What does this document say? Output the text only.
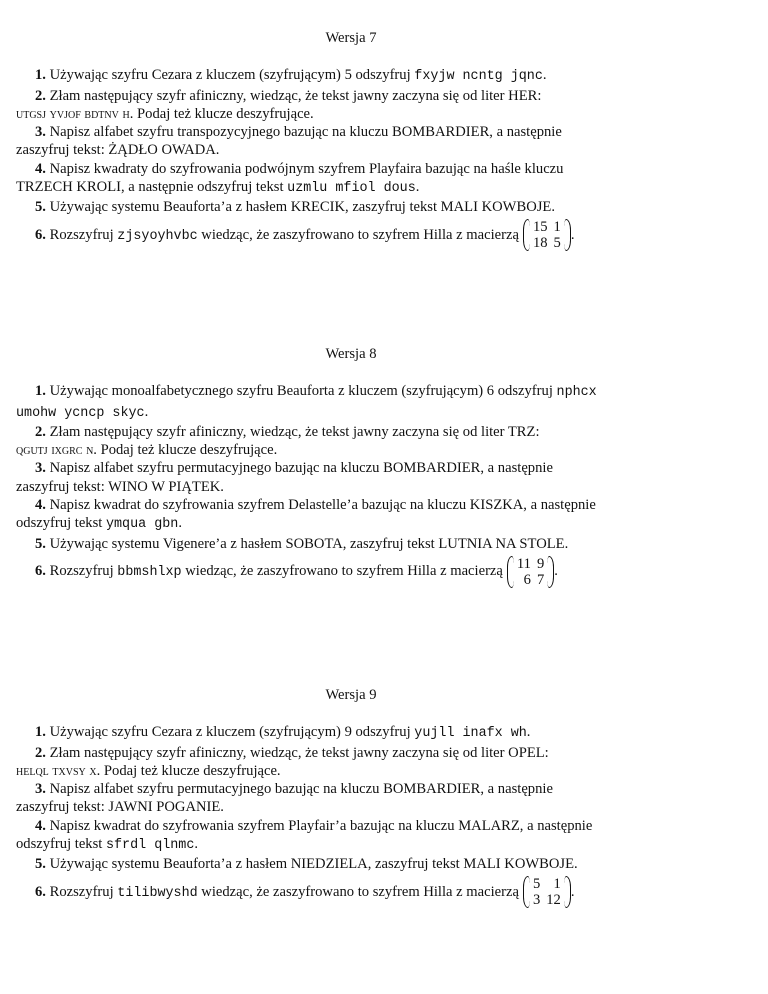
Wersja 7
1. Używając szyfru Cezara z kluczem (szyfrującym) 5 odszyfruj fxyjw ncntg jqnc.
2. Złam następujący szyfr afiniczny, wiedząc, że tekst jawny zaczyna się od liter HER:
utgsj yvjof bdtnv h. Podaj też klucze deszyfrujące.
3. Napisz alfabet szyfru transpozycyjnego bazując na kluczu BOMBARDIER, a następnie
zaszyfruj tekst: ŻĄDŁO OWADA.
4. Napisz kwadraty do szyfrowania podwójnym szyfrem Playfaira bazując na haśle kluczu
TRZECH KROLI, a następnie odszyfruj tekst uzmlu mfiol dous.
5. Używając systemu Beauforta’a z hasłem KRECIK, zaszyfruj tekst MALI KOWBOJE.
6. Rozszyfruj zjsyoyhvbc wiedząc, że zaszyfrowano to szyfrem Hilla z macierzą 15	1
18	5
.
Wersja 8
1. Używając monoalfabetycznego szyfru Beauforta z kluczem (szyfrującym) 6 odszyfruj nphcx
umohw ycncp skyc.
2. Złam następujący szyfr afiniczny, wiedząc, że tekst jawny zaczyna się od liter TRZ:
qgutj ixgrc n. Podaj też klucze deszyfrujące.
3. Napisz alfabet szyfru permutacyjnego bazując na kluczu BOMBARDIER, a następnie
zaszyfruj tekst: WINO W PIĄTEK.
4. Napisz kwadrat do szyfrowania szyfrem Delastelle’a bazując na kluczu KISZKA, a następnie
odszyfruj tekst ymqua gbn.
5. Używając systemu Vigenere’a z hasłem SOBOTA, zaszyfruj tekst LUTNIA NA STOLE.
6. Rozszyfruj bbmshlxp wiedząc, że zaszyfrowano to szyfrem Hilla z macierzą 11	9
6	7
.
Wersja 9
1. Używając szyfru Cezara z kluczem (szyfrującym) 9 odszyfruj yujll inafx wh.
2. Złam następujący szyfr afiniczny, wiedząc, że tekst jawny zaczyna się od liter OPEL:
helql txvsy x. Podaj też klucze deszyfrujące.
3. Napisz alfabet szyfru permutacyjnego bazując na kluczu BOMBARDIER, a następnie
zaszyfruj tekst: JAWNI POGANIE.
4. Napisz kwadrat do szyfrowania szyfrem Playfair’a bazując na kluczu MALARZ, a następnie
odszyfruj tekst sfrdl qlnmc.
5. Używając systemu Beauforta’a z hasłem NIEDZIELA, zaszyfruj tekst MALI KOWBOJE.
6. Rozszyfruj tilibwyshd wiedząc, że zaszyfrowano to szyfrem Hilla z macierzą 5	1
3	12
.
